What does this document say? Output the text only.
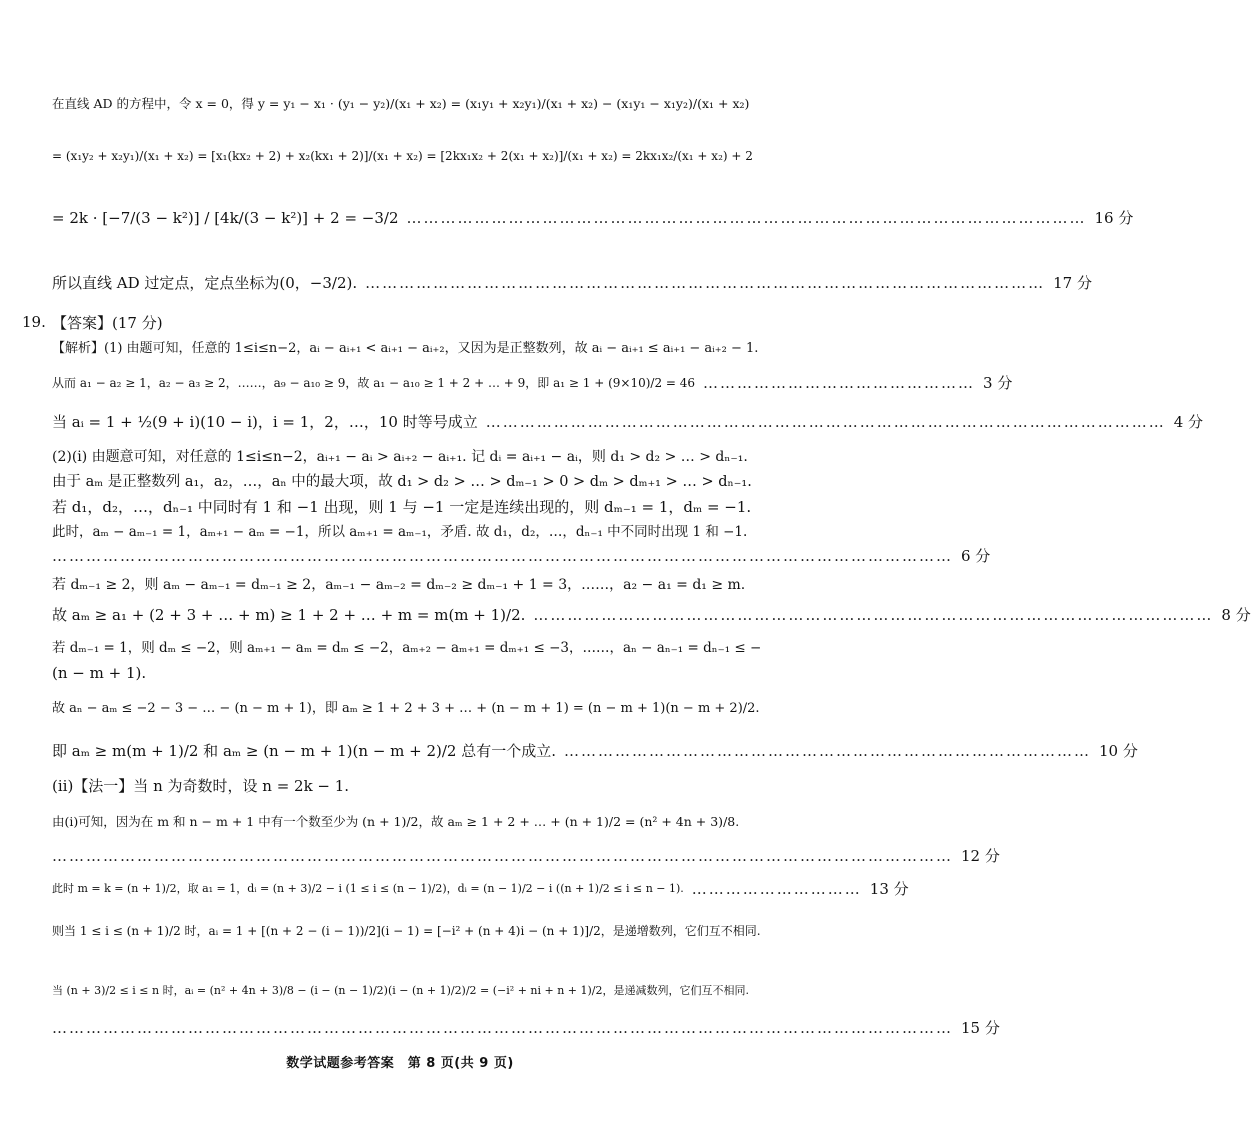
在直线 AD 的方程中，令 x = 0，得 y = y₁ − x₁ · (y₁ − y₂)/(x₁ + x₂) = (x₁y₁ + x₂y₁)/(x₁ + x₂) − (x₁y₁ − x₁y₂)/(x₁ + x₂)
= (x₁y₂ + x₂y₁)/(x₁ + x₂) = [x₁(kx₂ + 2) + x₂(kx₁ + 2)]/(x₁ + x₂) = [2kx₁x₂ + 2(x₁ + x₂)]/(x₁ + x₂) = 2kx₁x₂/(x₁ + x₂) + 2
= 2k · [−7/(3 − k²)] / [4k/(3 − k²)] + 2 = −3/2 ………………………………………………………………………………………………………… 16 分
所以直线 AD 过定点，定点坐标为(0，−3/2). ………………………………………………………………………………………………………… 17 分
19. 【答案】(17 分)
【解析】(1) 由题可知，任意的 1≤i≤n−2，aᵢ − aᵢ₊₁ < aᵢ₊₁ − aᵢ₊₂，又因为是正整数列，故 aᵢ − aᵢ₊₁ ≤ aᵢ₊₁ − aᵢ₊₂ − 1.
从而 a₁ − a₂ ≥ 1，a₂ − a₃ ≥ 2，……，a₉ − a₁₀ ≥ 9，故 a₁ − a₁₀ ≥ 1 + 2 + … + 9，即 a₁ ≥ 1 + (9×10)/2 = 46 ………………………………………… 3 分
当 aᵢ = 1 + ½(9 + i)(10 − i)，i = 1，2，…，10 时等号成立 ………………………………………………………………………………………………………… 4 分
(2)(ⅰ) 由题意可知，对任意的 1≤i≤n−2，aᵢ₊₁ − aᵢ > aᵢ₊₂ − aᵢ₊₁. 记 dᵢ = aᵢ₊₁ − aᵢ，则 d₁ > d₂ > … > dₙ₋₁.
由于 aₘ 是正整数列 a₁，a₂，…，aₙ 中的最大项，故 d₁ > d₂ > … > dₘ₋₁ > 0 > dₘ > dₘ₊₁ > … > dₙ₋₁.
若 d₁，d₂，…，dₙ₋₁ 中同时有 1 和 −1 出现，则 1 与 −1 一定是连续出现的，则 dₘ₋₁ = 1，dₘ = −1.
此时，aₘ − aₘ₋₁ = 1，aₘ₊₁ − aₘ = −1，所以 aₘ₊₁ = aₘ₋₁，矛盾. 故 d₁，d₂，…，dₙ₋₁ 中不同时出现 1 和 −1.
…………………………………………………………………………………………………………………………………………… 6 分
若 dₘ₋₁ ≥ 2，则 aₘ − aₘ₋₁ = dₘ₋₁ ≥ 2，aₘ₋₁ − aₘ₋₂ = dₘ₋₂ ≥ dₘ₋₁ + 1 = 3，……，a₂ − a₁ = d₁ ≥ m.
故 aₘ ≥ a₁ + (2 + 3 + … + m) ≥ 1 + 2 + … + m = m(m + 1)/2. ………………………………………………………………………………………………………… 8 分
若 dₘ₋₁ = 1，则 dₘ ≤ −2，则 aₘ₊₁ − aₘ = dₘ ≤ −2，aₘ₊₂ − aₘ₊₁ = dₘ₊₁ ≤ −3，……，aₙ − aₙ₋₁ = dₙ₋₁ ≤ −
(n − m + 1).
故 aₙ − aₘ ≤ −2 − 3 − … − (n − m + 1)，即 aₘ ≥ 1 + 2 + 3 + … + (n − m + 1) = (n − m + 1)(n − m + 2)/2.
即 aₘ ≥ m(m + 1)/2 和 aₘ ≥ (n − m + 1)(n − m + 2)/2 总有一个成立. ………………………………………………………………………………… 10 分
(ⅱ)【法一】当 n 为奇数时，设 n = 2k − 1.
由(ⅰ)可知，因为在 m 和 n − m + 1 中有一个数至少为 (n + 1)/2，故 aₘ ≥ 1 + 2 + … + (n + 1)/2 = (n² + 4n + 3)/8.
…………………………………………………………………………………………………………………………………………… 12 分
此时 m = k = (n + 1)/2，取 a₁ = 1，dᵢ = (n + 3)/2 − i (1 ≤ i ≤ (n − 1)/2)，dᵢ = (n − 1)/2 − i ((n + 1)/2 ≤ i ≤ n − 1). ………………………… 13 分
则当 1 ≤ i ≤ (n + 1)/2 时，aᵢ = 1 + [(n + 2 − (i − 1))/2](i − 1) = [−i² + (n + 4)i − (n + 1)]/2，是递增数列，它们互不相同.
当 (n + 3)/2 ≤ i ≤ n 时，aᵢ = (n² + 4n + 3)/8 − (i − (n − 1)/2)(i − (n + 1)/2)/2 = (−i² + ni + n + 1)/2，是递减数列，它们互不相同.
…………………………………………………………………………………………………………………………………………… 15 分
数学试题参考答案　第 8 页(共 9 页)
